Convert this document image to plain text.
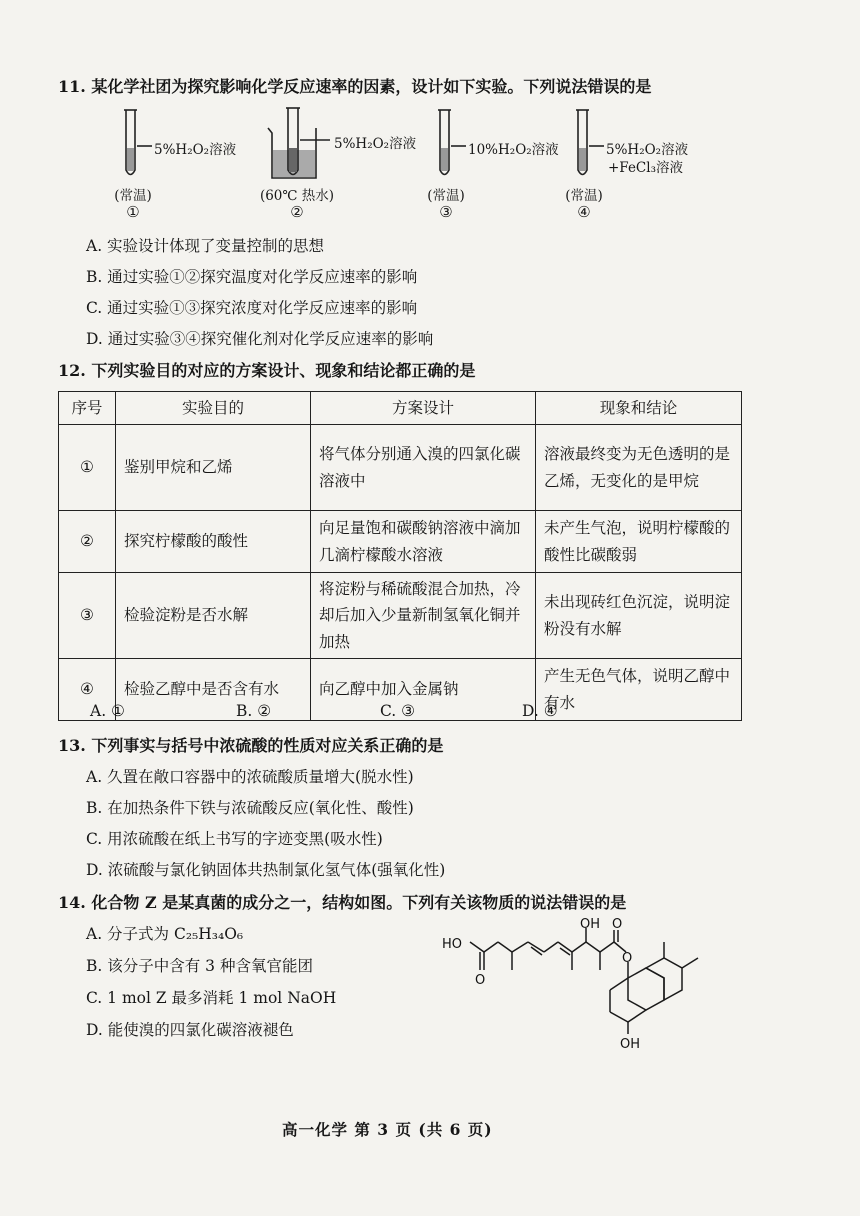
11. 某化学社团为探究影响化学反应速率的因素，设计如下实验。下列说法错误的是
5%H₂O₂溶液	5%H₂O₂溶液	10%H₂O₂溶液	5%H₂O₂溶液
+FeCl₃溶液
(常温)	(60℃ 热水)	(常温)	(常温)
①	②	③	④
A. 实验设计体现了变量控制的思想
B. 通过实验①②探究温度对化学反应速率的影响
C. 通过实验①③探究浓度对化学反应速率的影响
D. 通过实验③④探究催化剂对化学反应速率的影响
12. 下列实验目的对应的方案设计、现象和结论都正确的是
序号	实验目的	方案设计	现象和结论
①	鉴别甲烷和乙烯	将气体分别通入溴的四氯化碳溶液中	溶液最终变为无色透明的是乙烯，无变化的是甲烷
②	探究柠檬酸的酸性	向足量饱和碳酸钠溶液中滴加几滴柠檬酸水溶液	未产生气泡，说明柠檬酸的酸性比碳酸弱
③	检验淀粉是否水解	将淀粉与稀硫酸混合加热，冷却后加入少量新制氢氧化铜并加热	未出现砖红色沉淀，说明淀粉没有水解
④	检验乙醇中是否含有水	向乙醇中加入金属钠	产生无色气体，说明乙醇中有水
A. ①	B. ②	C. ③	D. ④
13. 下列事实与括号中浓硫酸的性质对应关系正确的是
A. 久置在敞口容器中的浓硫酸质量增大(脱水性)
B. 在加热条件下铁与浓硫酸反应(氧化性、酸性)
C. 用浓硫酸在纸上书写的字迹变黑(吸水性)
D. 浓硫酸与氯化钠固体共热制氯化氢气体(强氧化性)
14. 化合物 Z 是某真菌的成分之一，结构如图。下列有关该物质的说法错误的是
A. 分子式为 C₂₅H₃₄O₆
B. 该分子中含有 3 种含氧官能团
C. 1 mol Z 最多消耗 1 mol NaOH
D. 能使溴的四氯化碳溶液褪色
HO
O
OH O
O
OH
高一化学 第 3 页 (共 6 页)
